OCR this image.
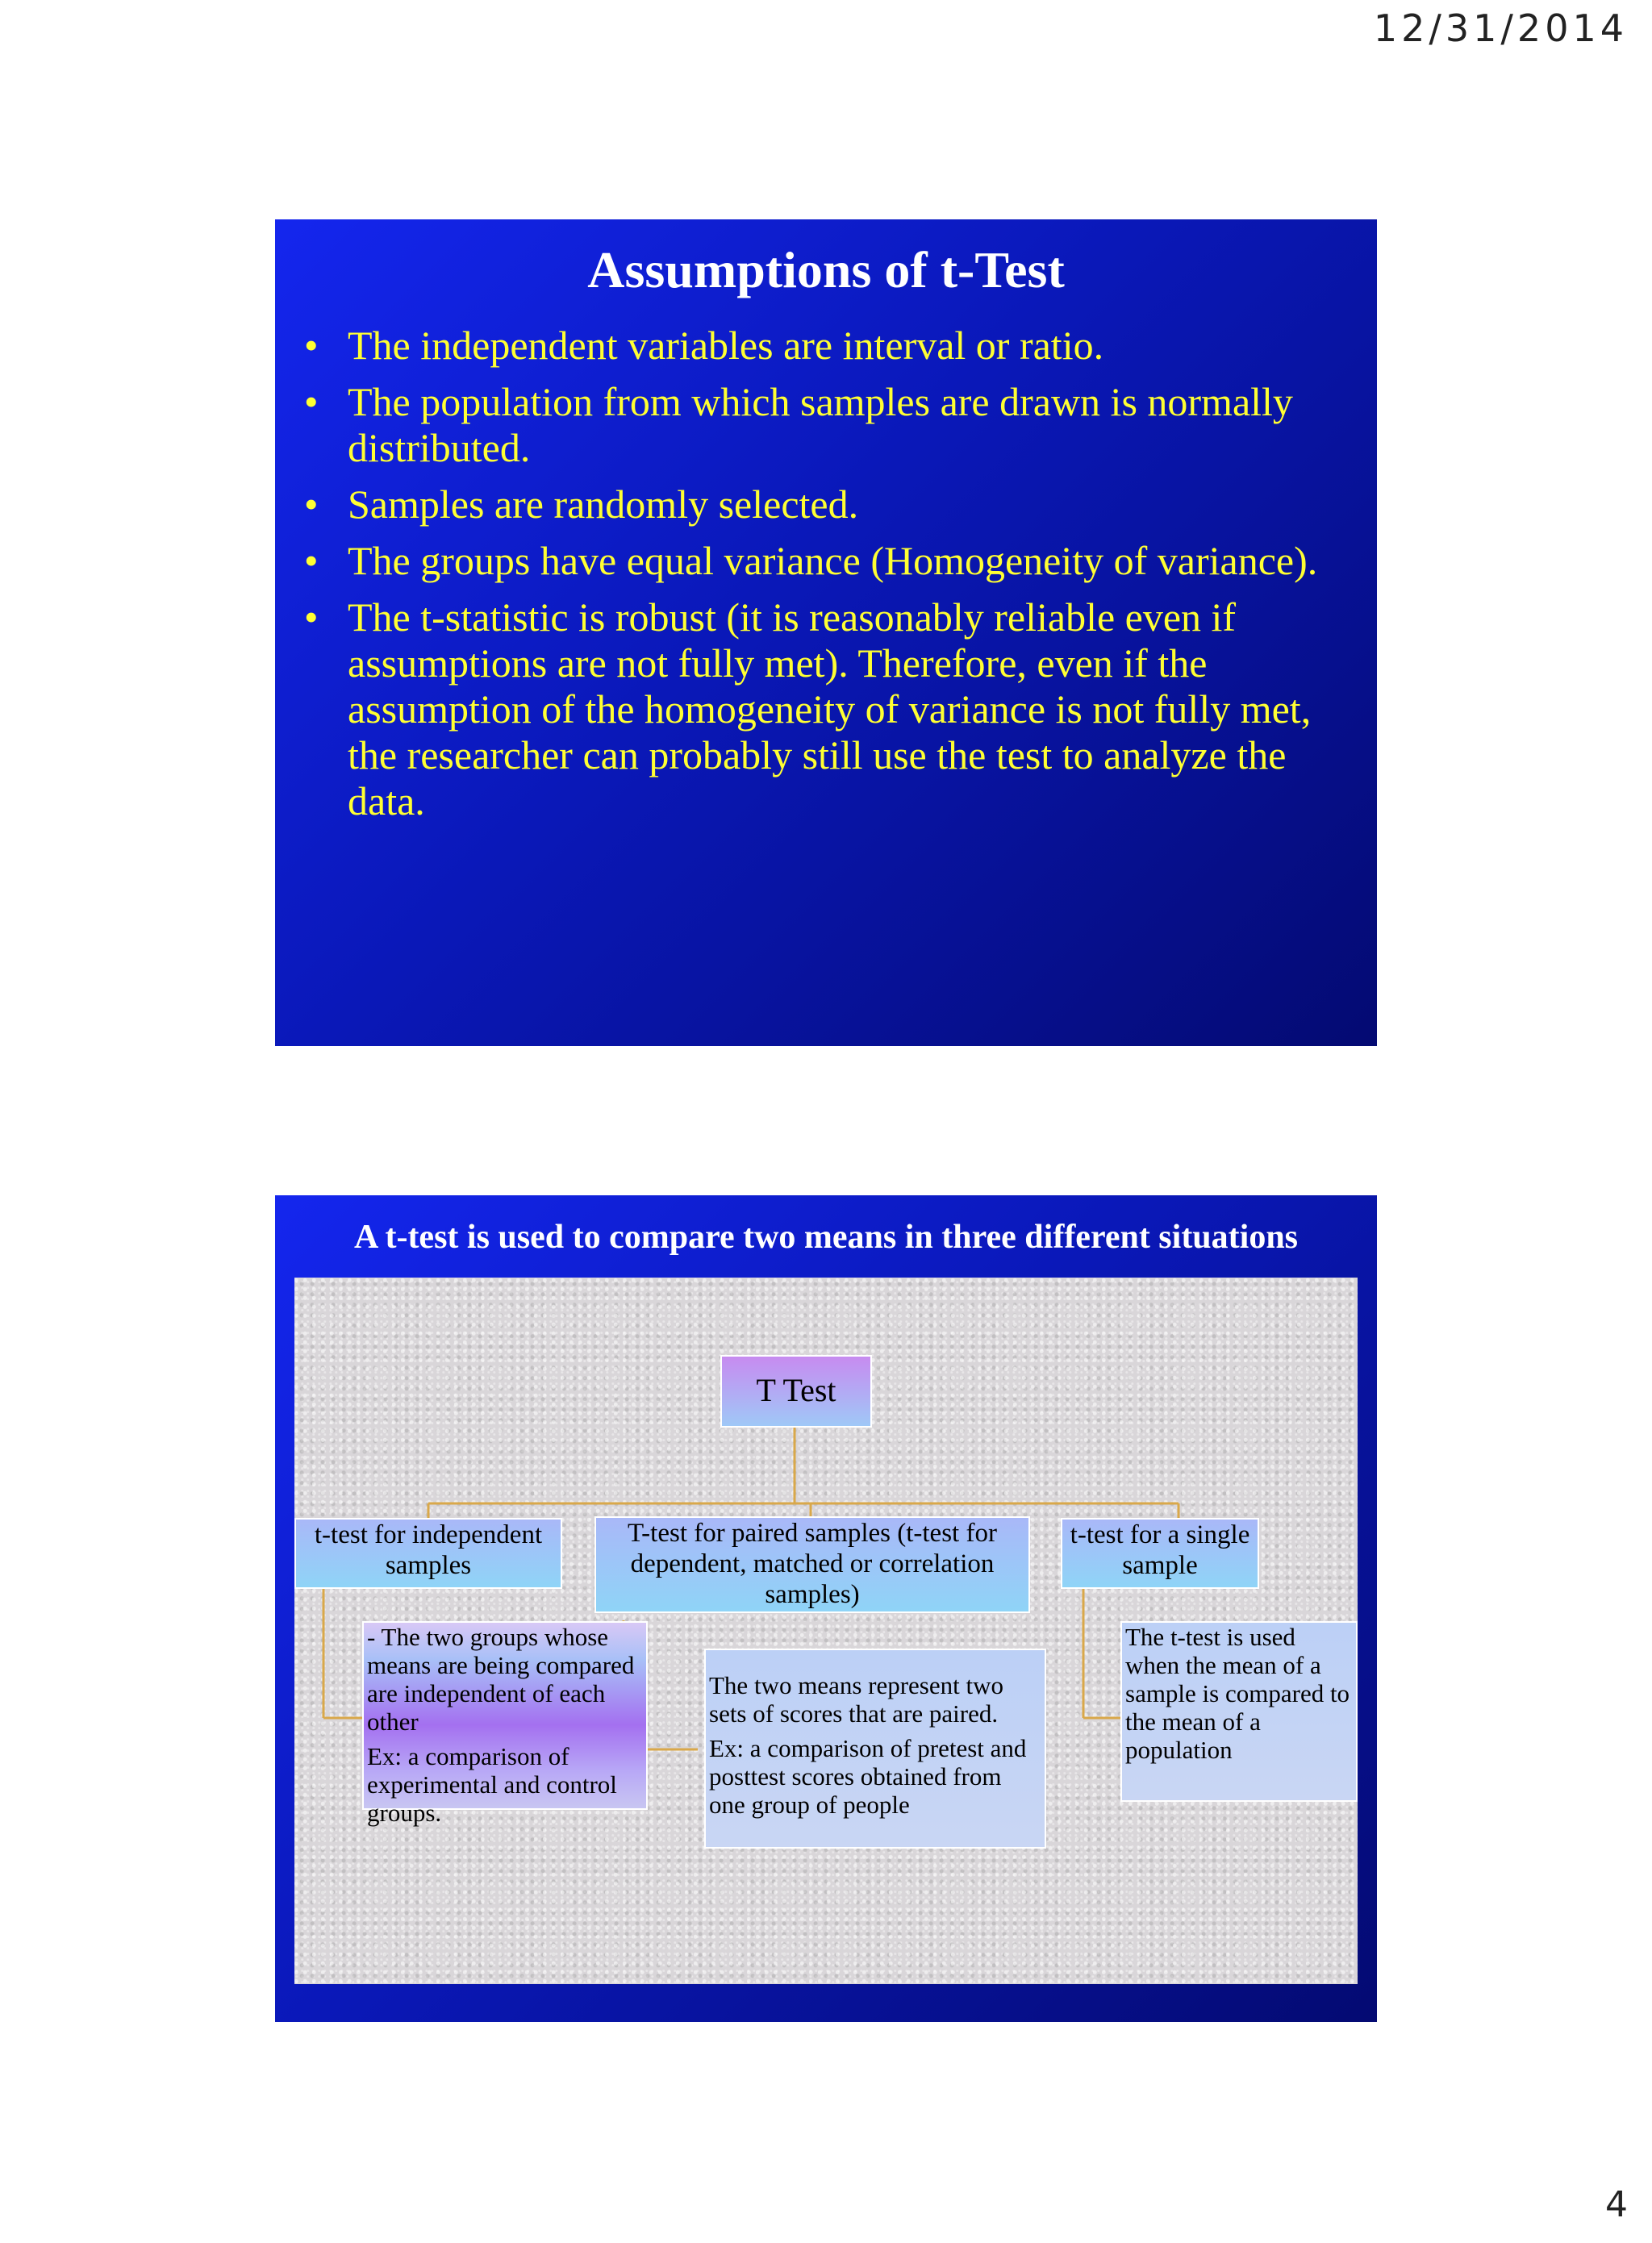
12/31/2014
Assumptions of t-Test
• The independent variables are interval or ratio.
• The population from which samples are drawn is normally distributed.
• Samples are randomly selected.
• The groups have equal variance (Homogeneity of variance).
• The t-statistic is robust (it is reasonably reliable even if assumptions are not fully met). Therefore, even if the assumption of the homogeneity of variance is not fully met, the researcher can probably still use the test to analyze the data.
A t-test is used to compare two means in three different situations
T Test
t-test for independent samples
T-test for paired samples (t-test for dependent, matched or correlation samples)
t-test for a single sample

- The two groups whose means are being compared are independent of each other

Ex: a comparison of experimental and control groups.

The two means represent two sets of scores that are paired.

Ex: a comparison of pretest and posttest scores obtained from one group of people

The t-test is used when the mean of a sample is compared to the mean of a population

4
